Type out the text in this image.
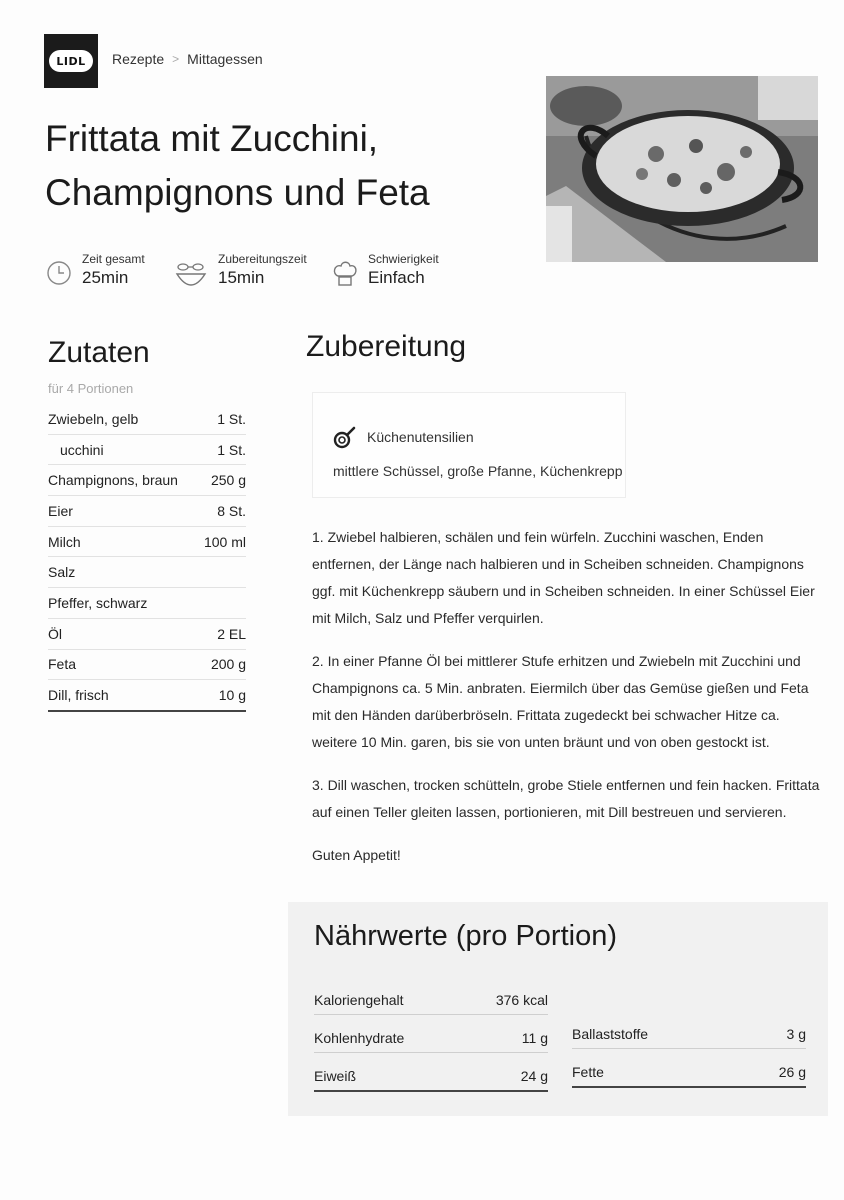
LIDL	Rezepte > Mittagessen
Frittata mit Zucchini,
Champignons und Feta
Zeit gesamt
25min
Zubereitungszeit
15min
Schwierigkeit
Einfach
Zutaten
für 4 Portionen
Zwiebeln, gelb	1 St.
ucchini	1 St.
Champignons, braun 250 g
Eier	8 St.
Milch	100 ml
Salz
Pfeffer, schwarz
Öl	2 EL
Feta	200 g
Dill, frisch	10 g
Zubereitung
Küchenutensilien
mittlere Schüssel, große Pfanne, Küchenkrepp

1. Zwiebel halbieren, schälen und fein würfeln. Zucchini waschen, Enden entfernen, der Länge nach halbieren und in Scheiben schneiden. Champignons ggf. mit Küchenkrepp säubern und in Scheiben schneiden. In einer Schüssel Eier mit Milch, Salz und Pfeffer verquirlen.

2. In einer Pfanne Öl bei mittlerer Stufe erhitzen und Zwiebeln mit Zucchini und Champignons ca. 5 Min. anbraten. Eiermilch über das Gemüse gießen und Feta mit den Händen darüberbröseln. Frittata zugedeckt bei schwacher Hitze ca. weitere 10 Min. garen, bis sie von unten bräunt und von oben gestockt ist.

3. Dill waschen, trocken schütteln, grobe Stiele entfernen und fein hacken. Frittata auf einen Teller gleiten lassen, portionieren, mit Dill bestreuen und servieren.

Guten Appetit!

Nährwerte (pro Portion)
Kaloriengehalt	376 kcal
Kohlenhydrate	11 g
Eiweiß	24 g
Ballaststoffe	3 g
Fette	26 g
